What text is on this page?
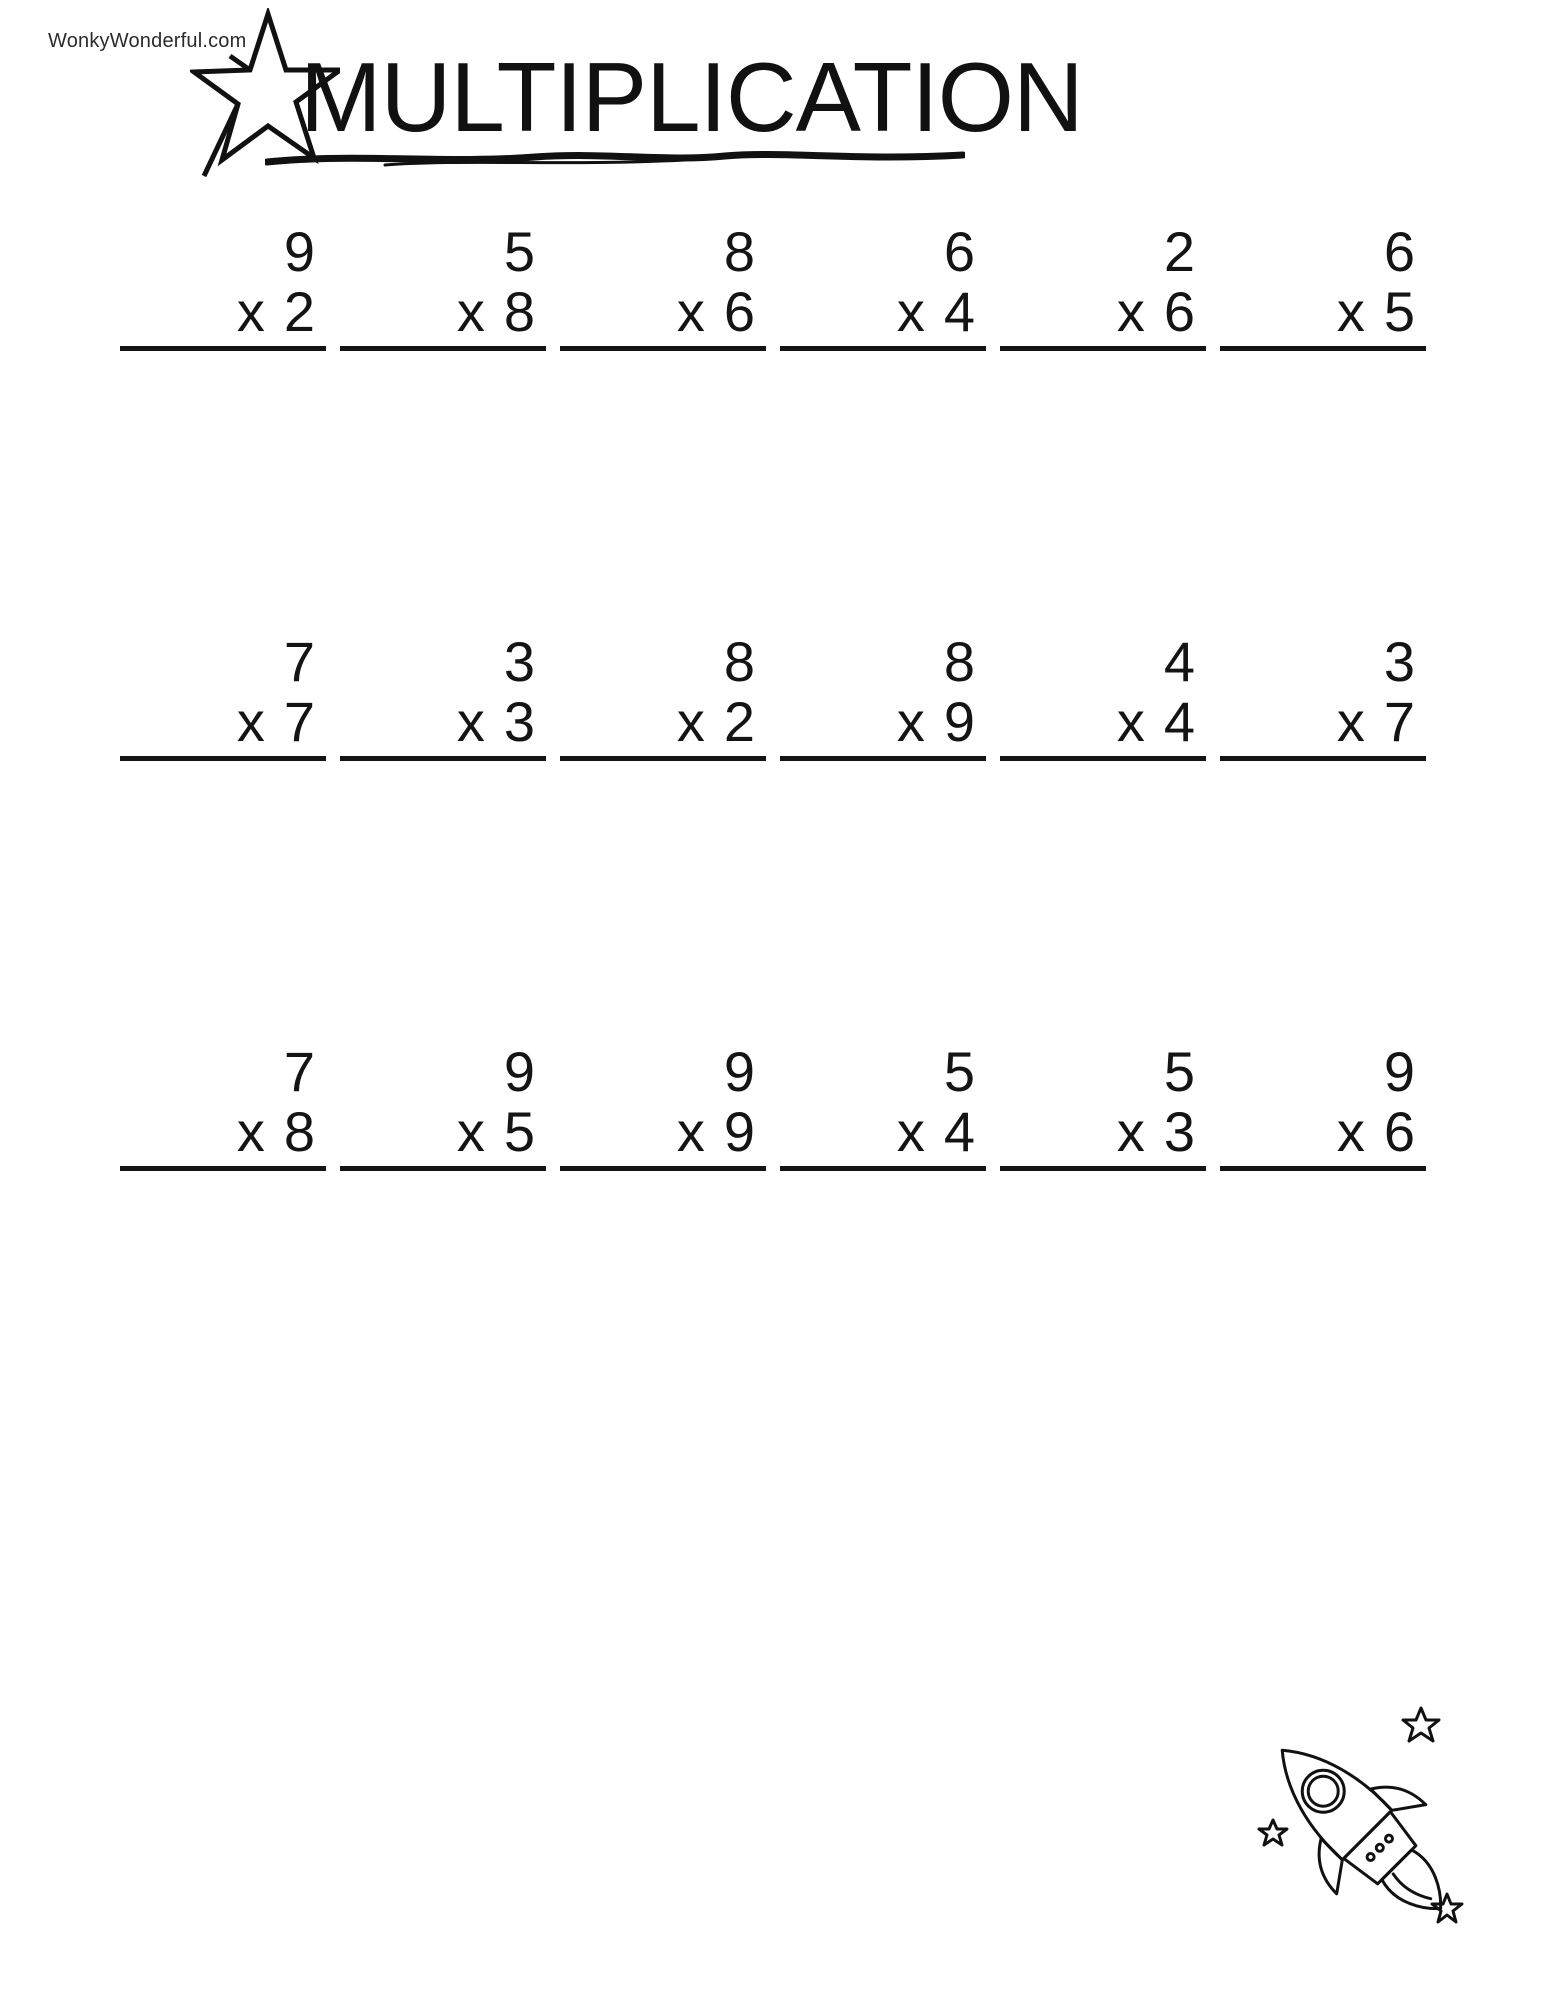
WonkyWonderful.com
MULTIPLICATION
9
x 2
5
x 8
8
x 6
6
x 4
2
x 6
6
x 5
7
x 7
3
x 3
8
x 2
8
x 9
4
x 4
3
x 7
7
x 8
9
x 5
9
x 9
5
x 4
5
x 3
9
x 6
